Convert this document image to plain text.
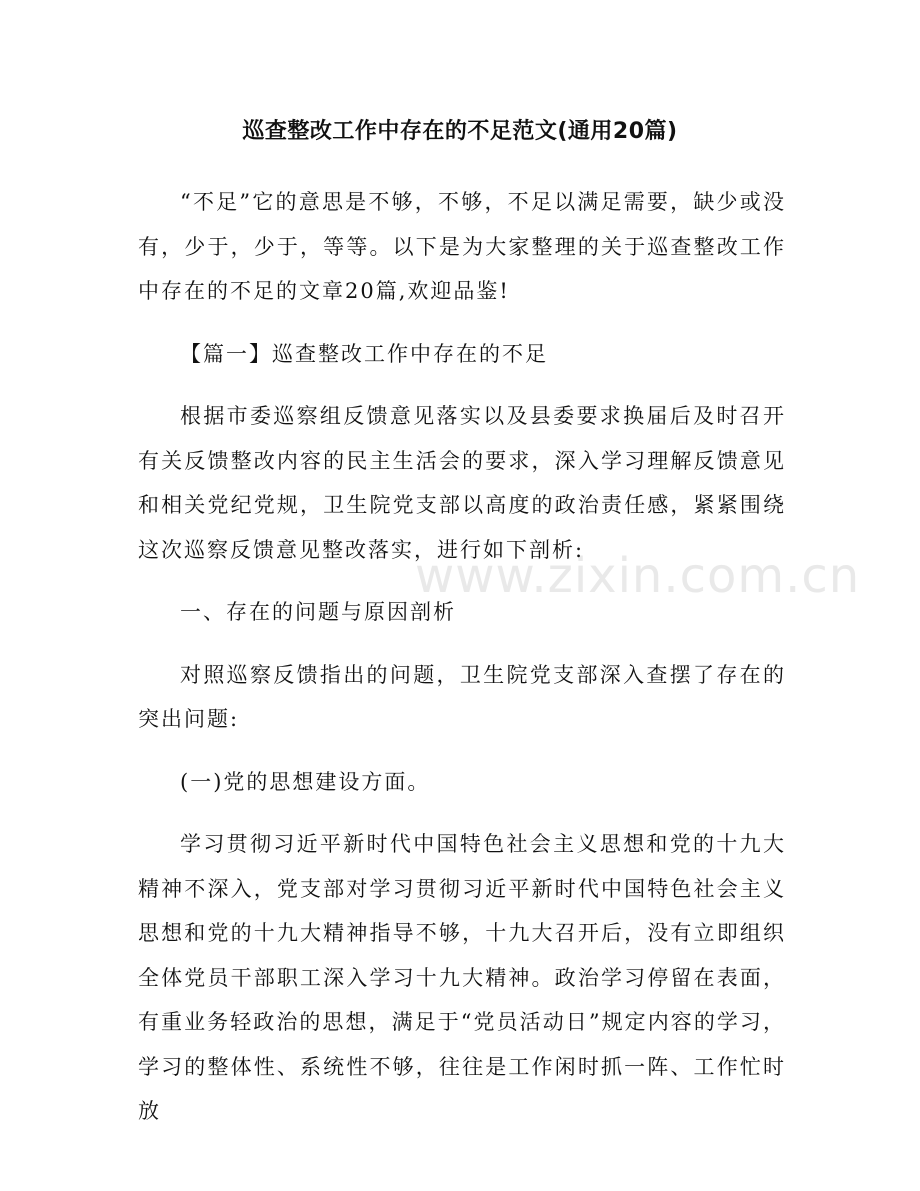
www.zixin.com.cn
巡查整改工作中存在的不足范文(通用20篇)

“不足”它的意思是不够，不够，不足以满足需要，缺少或没有，少于，少于，等等。以下是为大家整理的关于巡查整改工作中存在的不足的文章20篇,欢迎品鉴!

【篇一】巡查整改工作中存在的不足

根据市委巡察组反馈意见落实以及县委要求换届后及时召开有关反馈整改内容的民主生活会的要求，深入学习理解反馈意见和相关党纪党规，卫生院党支部以高度的政治责任感，紧紧围绕这次巡察反馈意见整改落实，进行如下剖析:

一、存在的问题与原因剖析

对照巡察反馈指出的问题，卫生院党支部深入查摆了存在的突出问题:

(一)党的思想建设方面。

学习贯彻习近平新时代中国特色社会主义思想和党的十九大精神不深入，党支部对学习贯彻习近平新时代中国特色社会主义思想和党的十九大精神指导不够，十九大召开后，没有立即组织全体党员干部职工深入学习十九大精神。政治学习停留在表面，有重业务轻政治的思想，满足于“党员活动日”规定内容的学习，学习的整体性、系统性不够，往往是工作闲时抓一阵、工作忙时放
